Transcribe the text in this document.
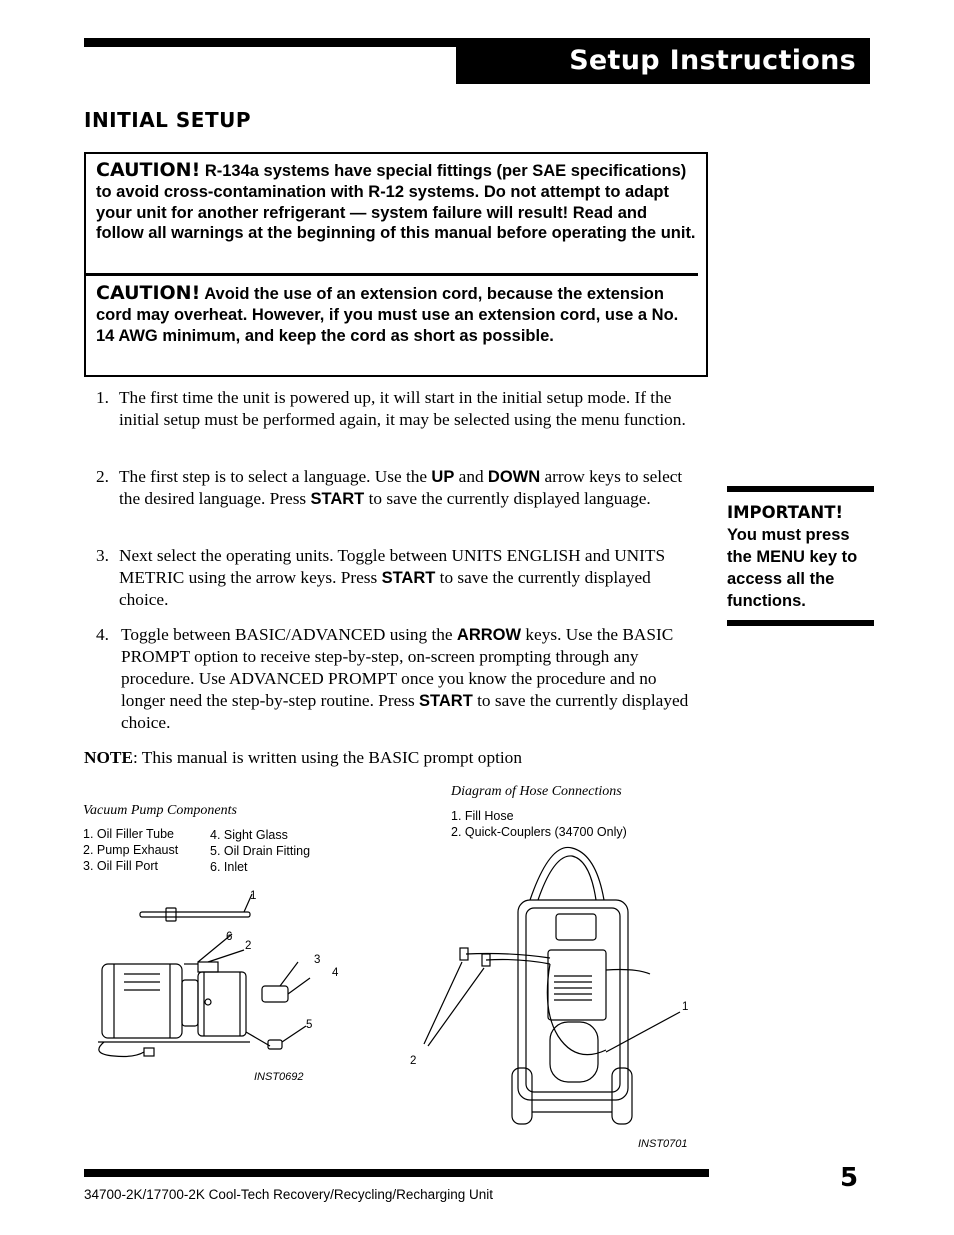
Setup Instructions
INITIAL SETUP
CAUTION! R-134a systems have special fittings (per SAE specifications) to avoid cross-contamination with R-12 systems. Do not attempt to adapt your unit for another refrigerant — system failure will result! Read and follow all warnings at the beginning of this manual before operating the unit.
CAUTION! Avoid the use of an extension cord, because the extension cord may overheat. However, if you must use an extension cord, use a No. 14 AWG minimum, and keep the cord as short as possible.
1. The first time the unit is powered up, it will start in the initial setup mode. If the initial setup must be performed again, it may be selected using the menu function.
2. The first step is to select a language. Use the UP and DOWN arrow keys to select the desired language. Press START to save the currently displayed language.
3. Next select the operating units. Toggle between UNITS ENGLISH and UNITS METRIC using the arrow keys. Press START to save the currently displayed choice.
4. Toggle between BASIC/ADVANCED using the ARROW keys. Use the BASIC PROMPT option to receive step-by-step, on-screen prompting through any procedure. Use ADVANCED PROMPT once you know the procedure and no longer need the step-by-step routine. Press START to save the currently displayed choice.
NOTE: This manual is written using the BASIC prompt option
IMPORTANT!
You must press the MENU key to access all the functions.
Vacuum Pump Components
1. Oil Filler Tube
2. Pump Exhaust
3. Oil Fill Port
4. Sight Glass
5. Oil Drain Fitting
6. Inlet
1
6
2
3
4
5
INST0692
Diagram of Hose Connections
1. Fill Hose
2. Quick-Couplers (34700 Only)
2
1
INST0701
5
34700-2K/17700-2K Cool-Tech Recovery/Recycling/Recharging Unit
